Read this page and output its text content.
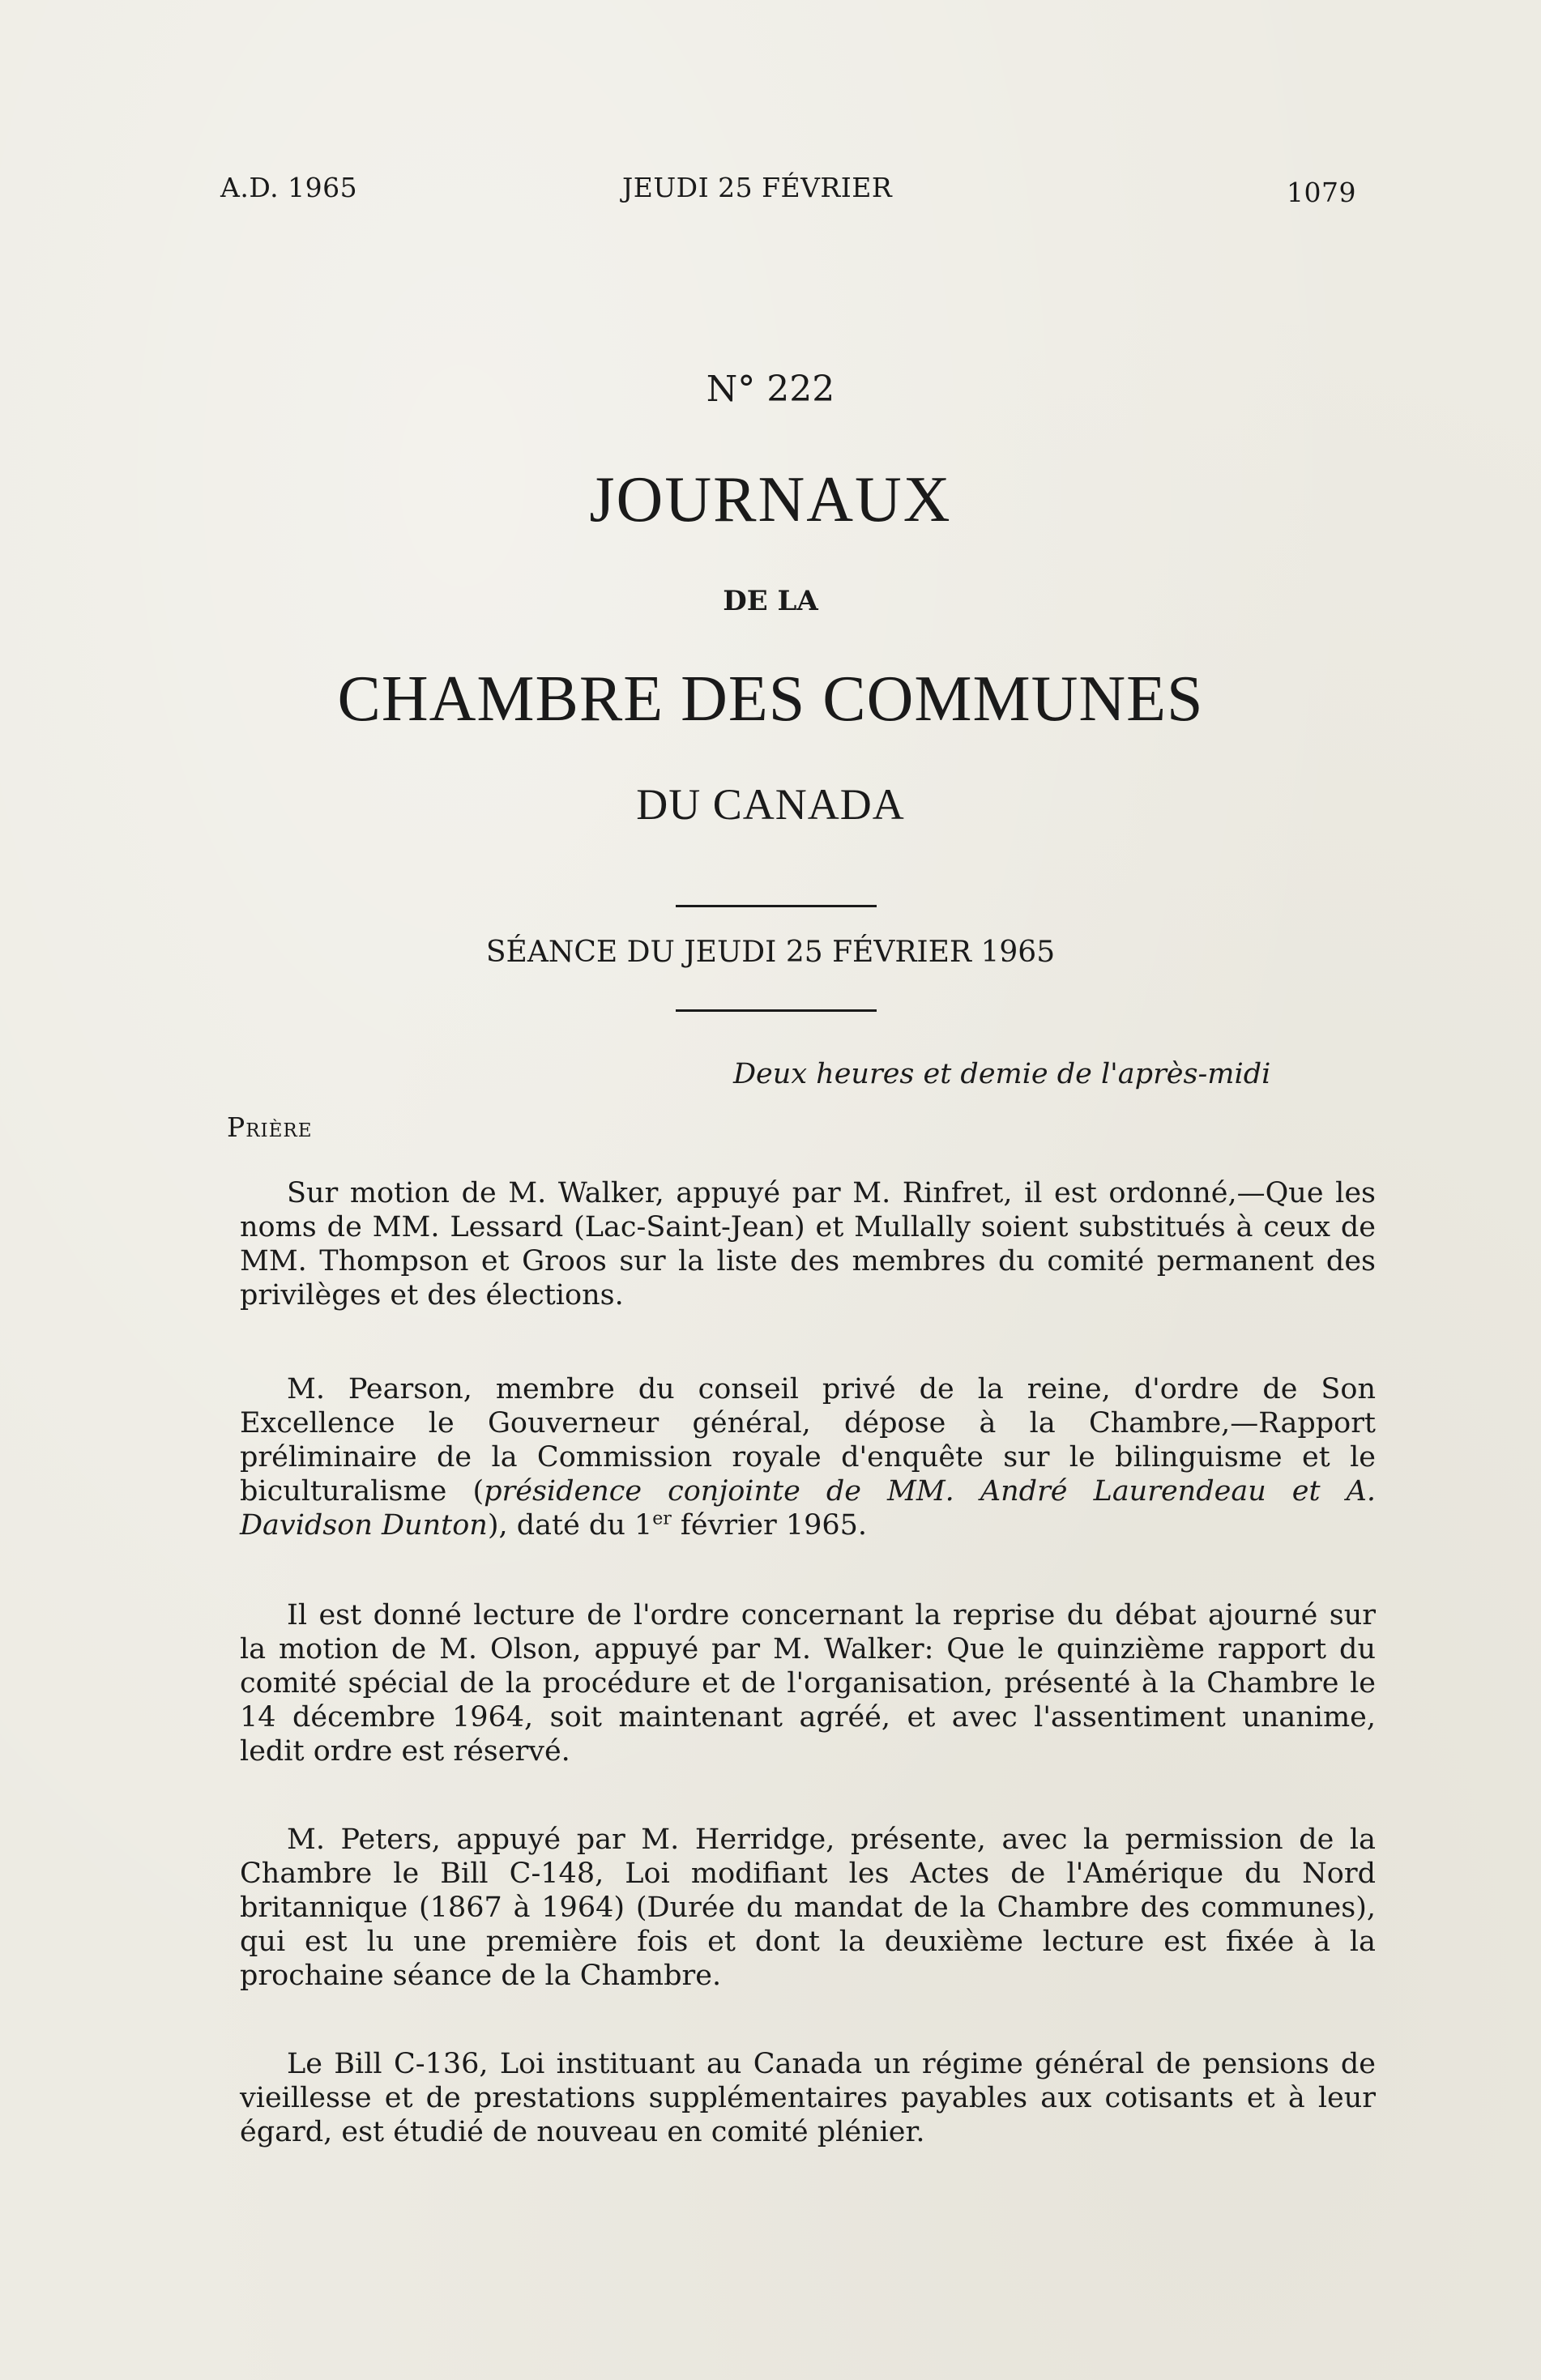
A.D. 1965	JEUDI 25 FÉVRIER	1079
N° 222
JOURNAUX
DE LA
CHAMBRE DES COMMUNES
DU CANADA
SÉANCE DU JEUDI 25 FÉVRIER 1965
Deux heures et demie de l'après-midi
Prière
Sur motion de M. Walker, appuyé par M. Rinfret, il est ordonné,—Que les noms de MM. Lessard (Lac-Saint-Jean) et Mullally soient substitués à ceux de MM. Thompson et Groos sur la liste des membres du comité permanent des privilèges et des élections.
M. Pearson, membre du conseil privé de la reine, d'ordre de Son Excellence le Gouverneur général, dépose à la Chambre,—Rapport préliminaire de la Commission royale d'enquête sur le bilinguisme et le biculturalisme (présidence conjointe de MM. André Laurendeau et A. Davidson Dunton), daté du 1er février 1965.
Il est donné lecture de l'ordre concernant la reprise du débat ajourné sur la motion de M. Olson, appuyé par M. Walker: Que le quinzième rapport du comité spécial de la procédure et de l'organisation, présenté à la Chambre le 14 décembre 1964, soit maintenant agréé, et avec l'assentiment unanime, ledit ordre est réservé.
M. Peters, appuyé par M. Herridge, présente, avec la permission de la Chambre le Bill C-148, Loi modifiant les Actes de l'Amérique du Nord britannique (1867 à 1964) (Durée du mandat de la Chambre des communes), qui est lu une première fois et dont la deuxième lecture est fixée à la prochaine séance de la Chambre.
Le Bill C-136, Loi instituant au Canada un régime général de pensions de vieillesse et de prestations supplémentaires payables aux cotisants et à leur égard, est étudié de nouveau en comité plénier.
